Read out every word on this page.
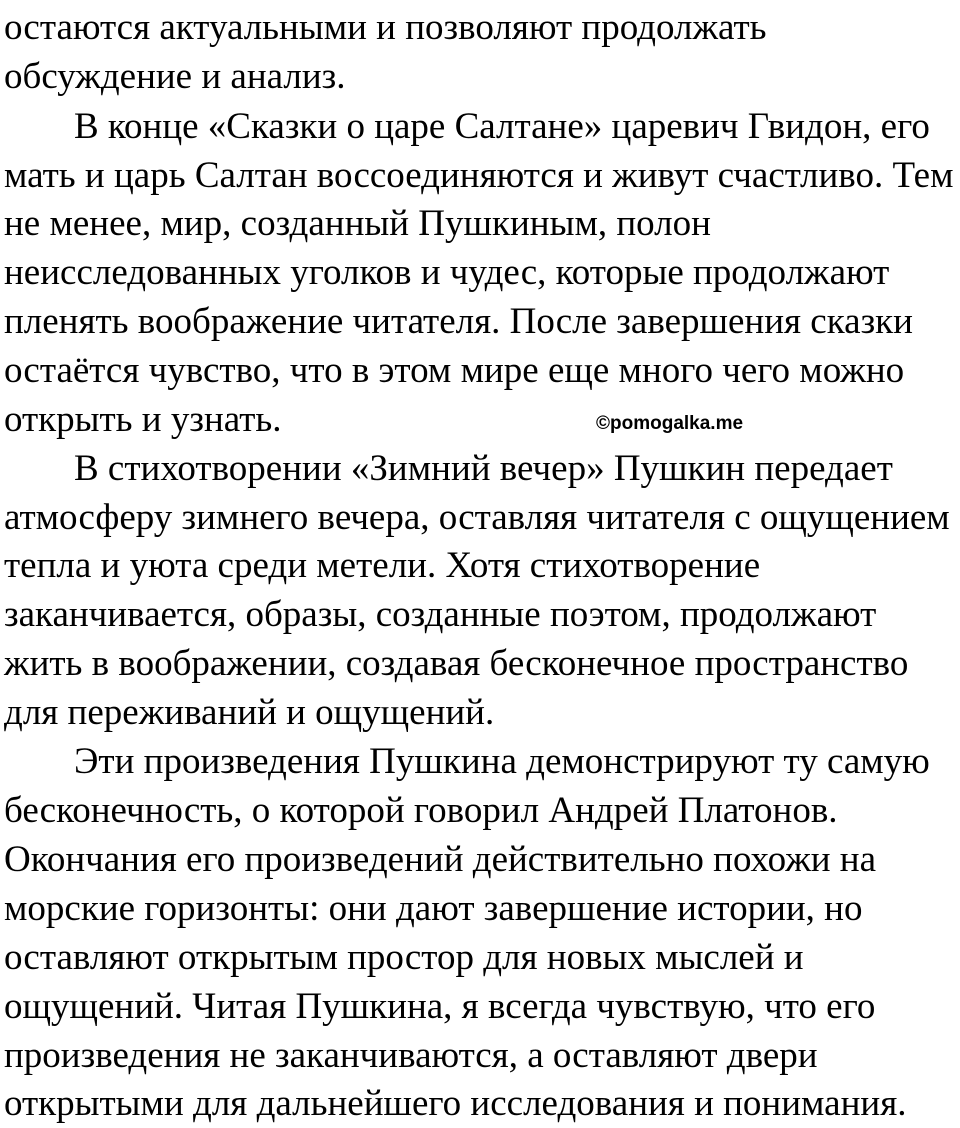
остаются актуальными и позволяют продолжать
обсуждение и анализ.
В конце «Сказки о царе Салтане» царевич Гвидон, его
мать и царь Салтан воссоединяются и живут счастливо. Тем
не менее, мир, созданный Пушкиным, полон
неисследованных уголков и чудес, которые продолжают
пленять воображение читателя. После завершения сказки
остаётся чувство, что в этом мире еще много чего можно
открыть и узнать.	©pomogalka.me
В стихотворении «Зимний вечер» Пушкин передает
атмосферу зимнего вечера, оставляя читателя с ощущением
тепла и уюта среди метели. Хотя стихотворение
заканчивается, образы, созданные поэтом, продолжают
жить в воображении, создавая бесконечное пространство
для переживаний и ощущений.
Эти произведения Пушкина демонстрируют ту самую
бесконечность, о которой говорил Андрей Платонов.
Окончания его произведений действительно похожи на
морские горизонты: они дают завершение истории, но
оставляют открытым простор для новых мыслей и
ощущений. Читая Пушкина, я всегда чувствую, что его
произведения не заканчиваются, а оставляют двери
открытыми для дальнейшего исследования и понимания.
